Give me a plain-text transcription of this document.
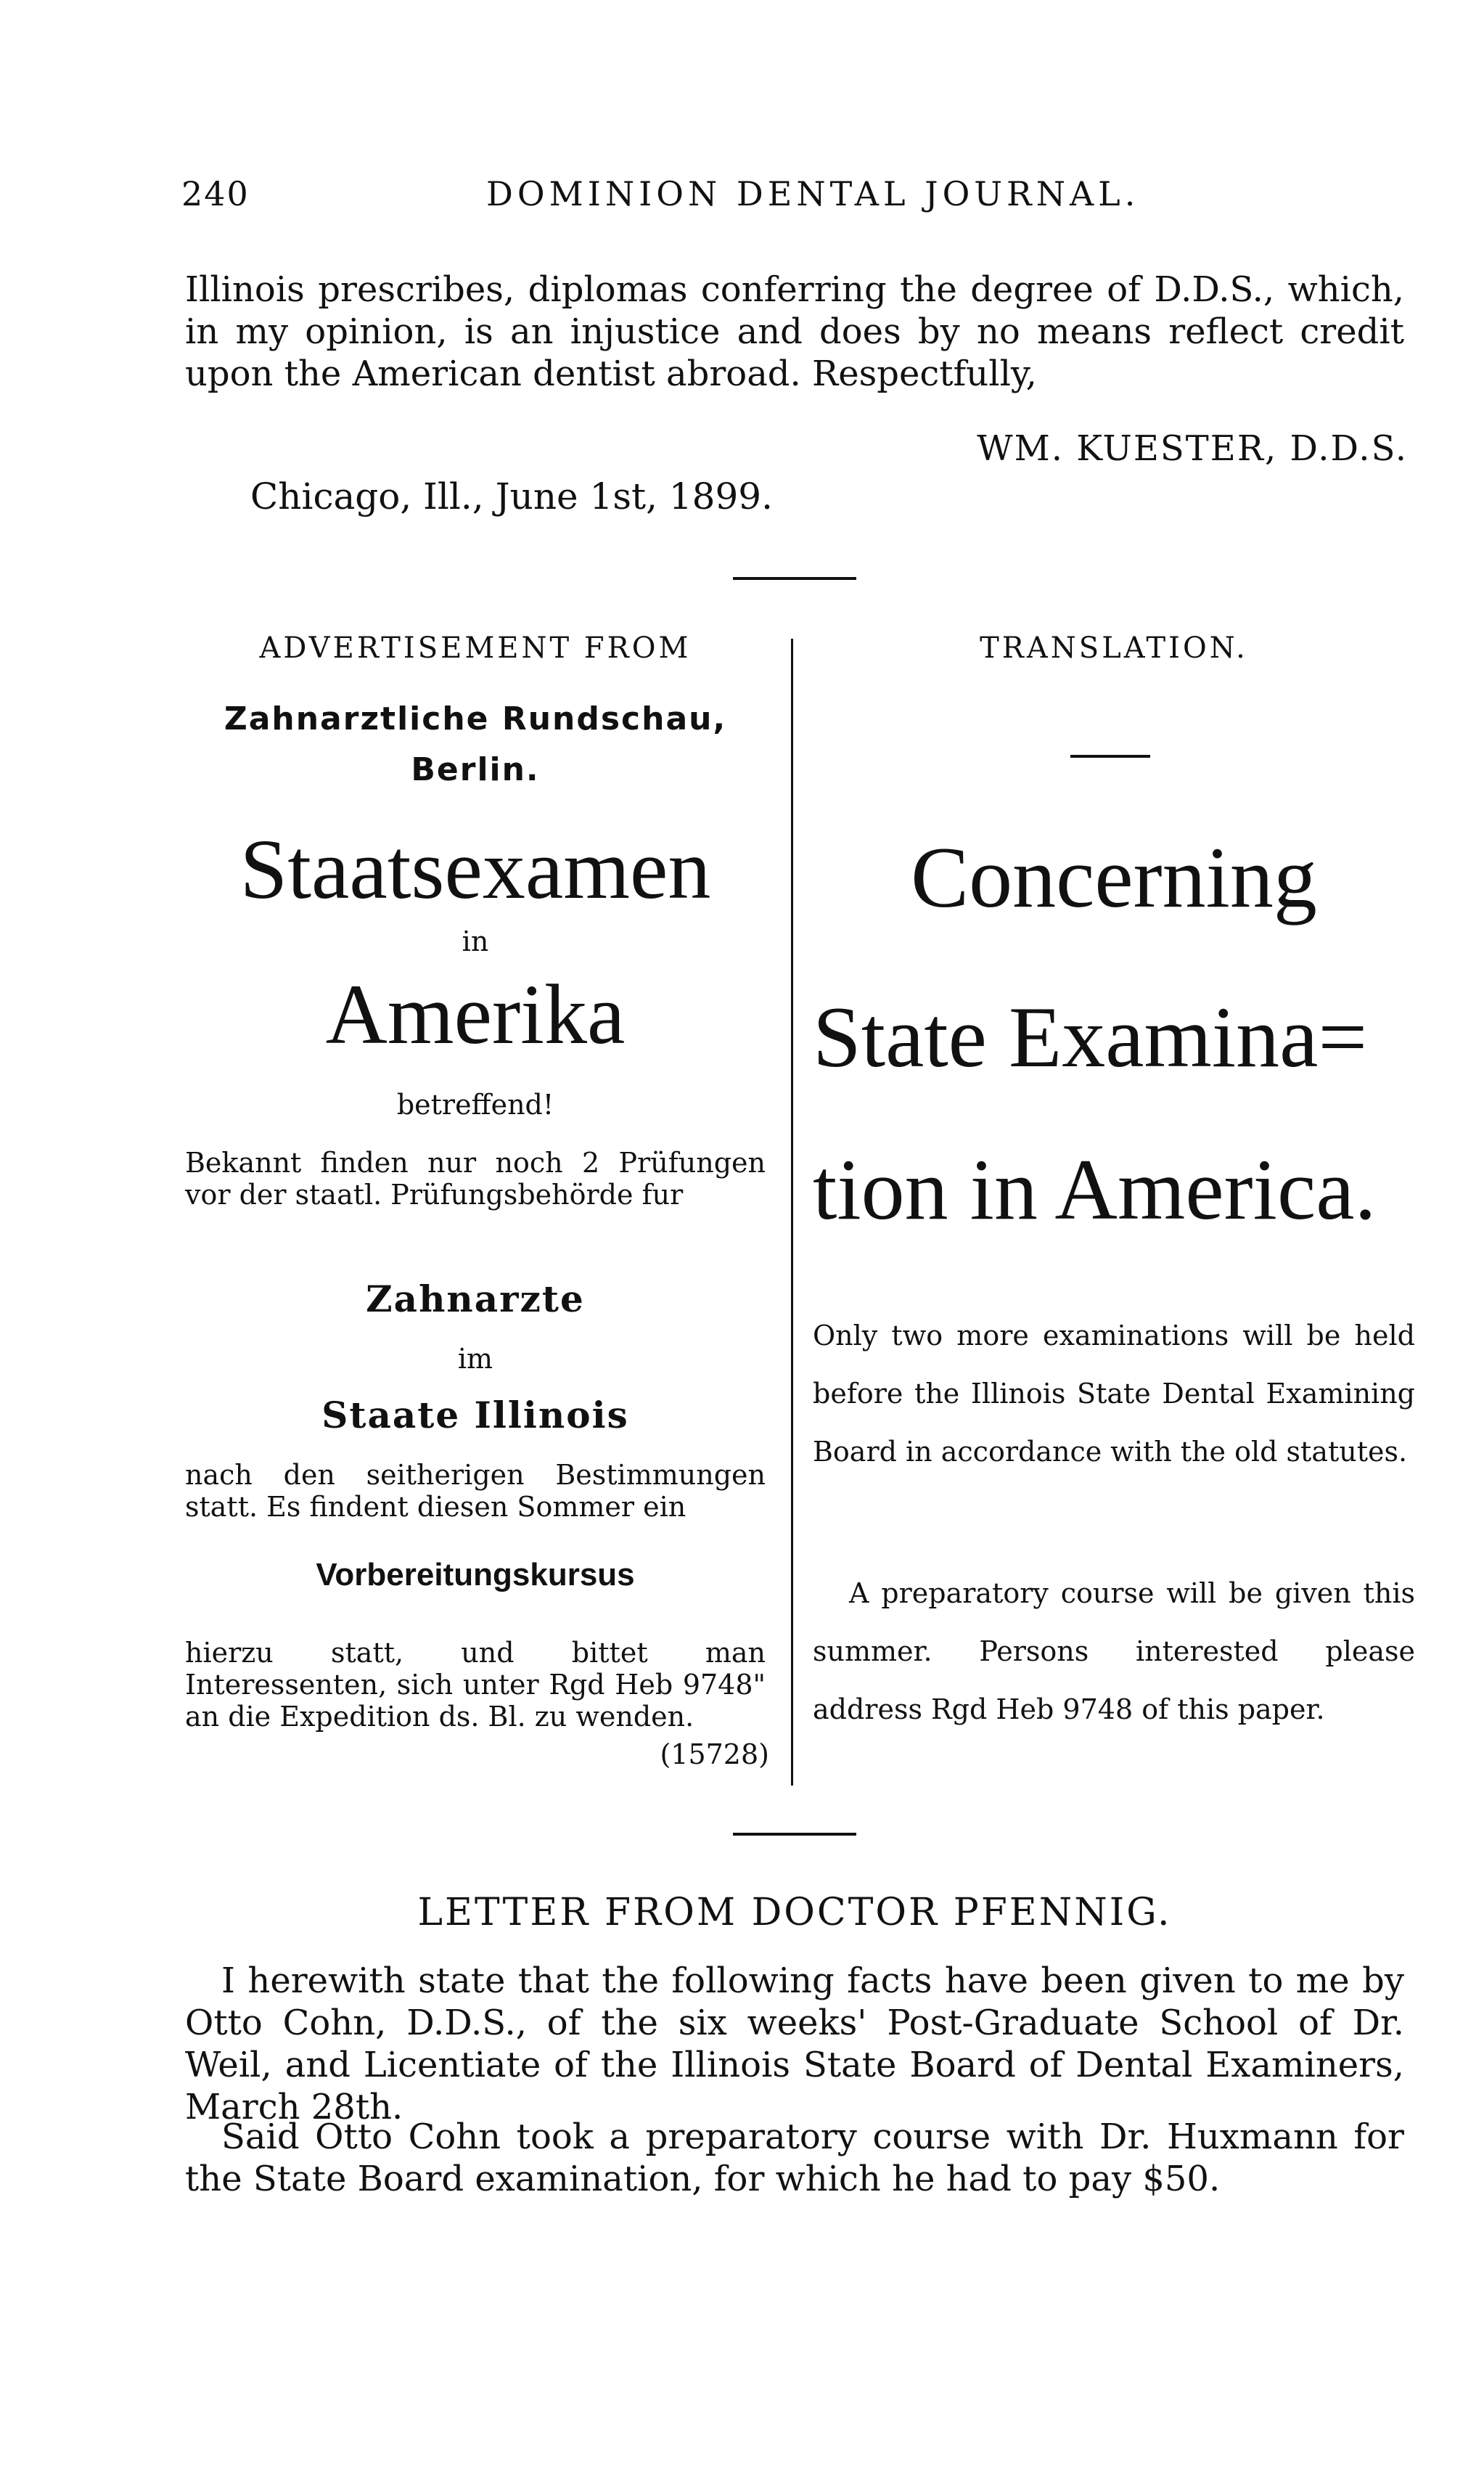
240	DOMINION DENTAL JOURNAL.

Illinois prescribes, diplomas conferring the degree of D.D.S., which, in my opinion, is an injustice and does by no means reflect credit upon the American dentist abroad. Respectfully,

WM. KUESTER, D.D.S.
Chicago, Ill., June 1st, 1899.
ADVERTISEMENT FROM
Zahnarztliche Rundschau,
Berlin.
Staatsexamen
in
Amerika
betreffend!

Bekannt finden nur noch 2 Prüfungen vor der staatl. Prüfungsbehörde fur

Zahnarzte
im
Staate Illinois

nach den seitherigen Bestimmungen statt. Es findent diesen Sommer ein

Vorbereitungskursus

hierzu statt, und bittet man Interessenten, sich unter Rgd Heb 9748" an die Expedition ds. Bl. zu wenden.

(15728)
TRANSLATION.
Concerning
State Examina=
tion in America.

Only two more examinations will be held before the Illinois State Dental Examining Board in accordance with the old statutes.

A preparatory course will be given this summer. Persons interested please address Rgd Heb 9748 of this paper.

LETTER FROM DOCTOR PFENNIG.

I herewith state that the following facts have been given to me by Otto Cohn, D.D.S., of the six weeks' Post-Graduate School of Dr. Weil, and Licentiate of the Illinois State Board of Dental Examiners, March 28th.

Said Otto Cohn took a preparatory course with Dr. Huxmann for the State Board examination, for which he had to pay $50.
